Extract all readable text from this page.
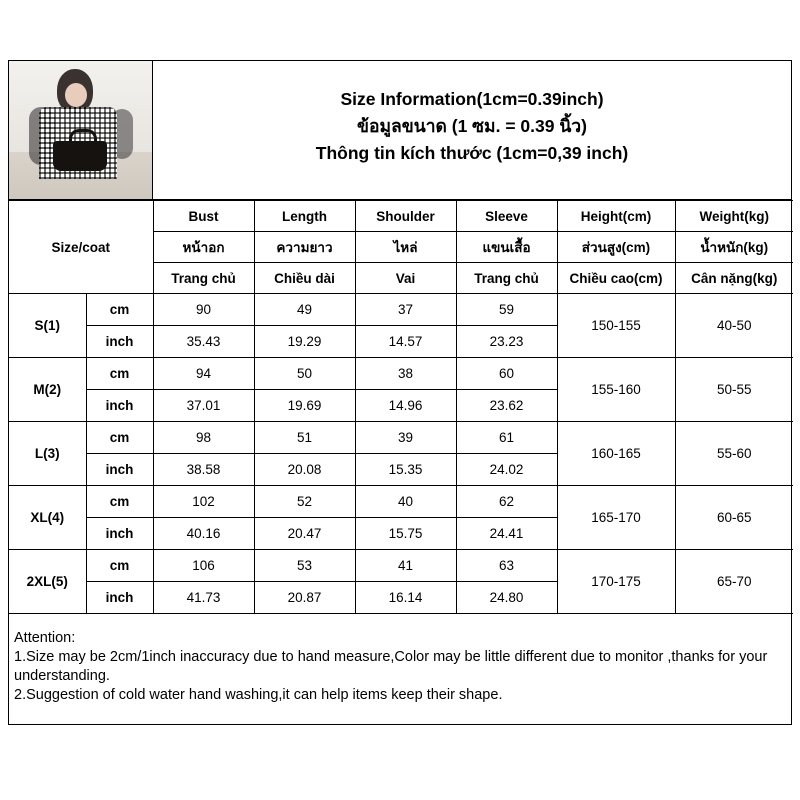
Size Information(1cm=0.39inch)
ข้อมูลขนาด (1 ซม. = 0.39 นิ้ว)
Thông tin kích thước (1cm=0,39 inch)
Size/coat		Bust	Length	Shoulder	Sleeve	Height(cm)	Weight(kg)
		หน้าอก	ความยาว	ไหล่	แขนเสื้อ	ส่วนสูง(cm)	น้ำหนัก(kg)
		Trang chủ	Chiều dài	Vai	Trang chủ	Chiều cao(cm)	Cân nặng(kg)
S(1)	cm	90	49	37	59	150-155	40-50
	inch	35.43	19.29	14.57	23.23		
M(2)	cm	94	50	38	60	155-160	50-55
	inch	37.01	19.69	14.96	23.62		
L(3)	cm	98	51	39	61	160-165	55-60
	inch	38.58	20.08	15.35	24.02		
XL(4)	cm	102	52	40	62	165-170	60-65
	inch	40.16	20.47	15.75	24.41		
2XL(5)	cm	106	53	41	63	170-175	65-70
	inch	41.73	20.87	16.14	24.80		

Attention:

1.Size may be 2cm/1inch inaccuracy due to hand measure,Color may be little different due to monitor ,thanks for your understanding.

2.Suggestion of cold water hand washing,it can help items keep their shape.
